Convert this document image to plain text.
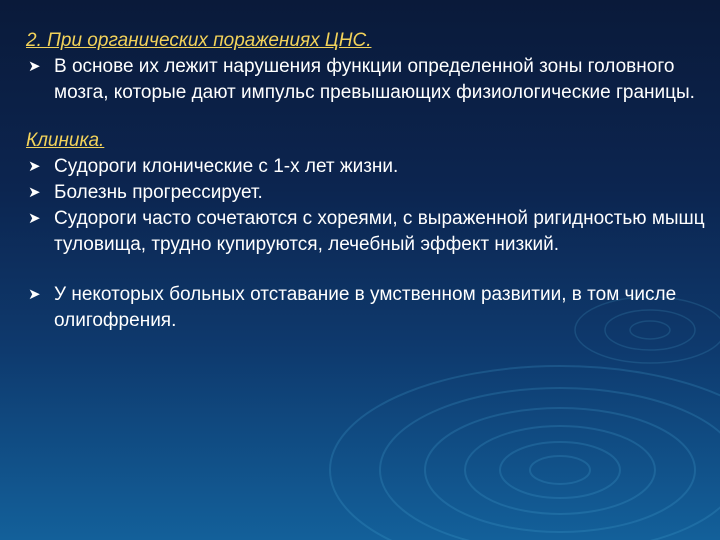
2. При органических поражениях ЦНС.

➤ В основе их лежит нарушения функции определенной зоны головного мозга, которые дают импульс превышающих физиологические границы.

Клиника.

➤ Судороги клонические с 1-х лет жизни.

➤ Болезнь прогрессирует.

➤ Судороги часто сочетаются с хореями, с выраженной ригидностью мышц туловища, трудно купируются, лечебный эффект низкий.

➤ У некоторых больных отставание в умственном развитии, в том числе олигофрения.
